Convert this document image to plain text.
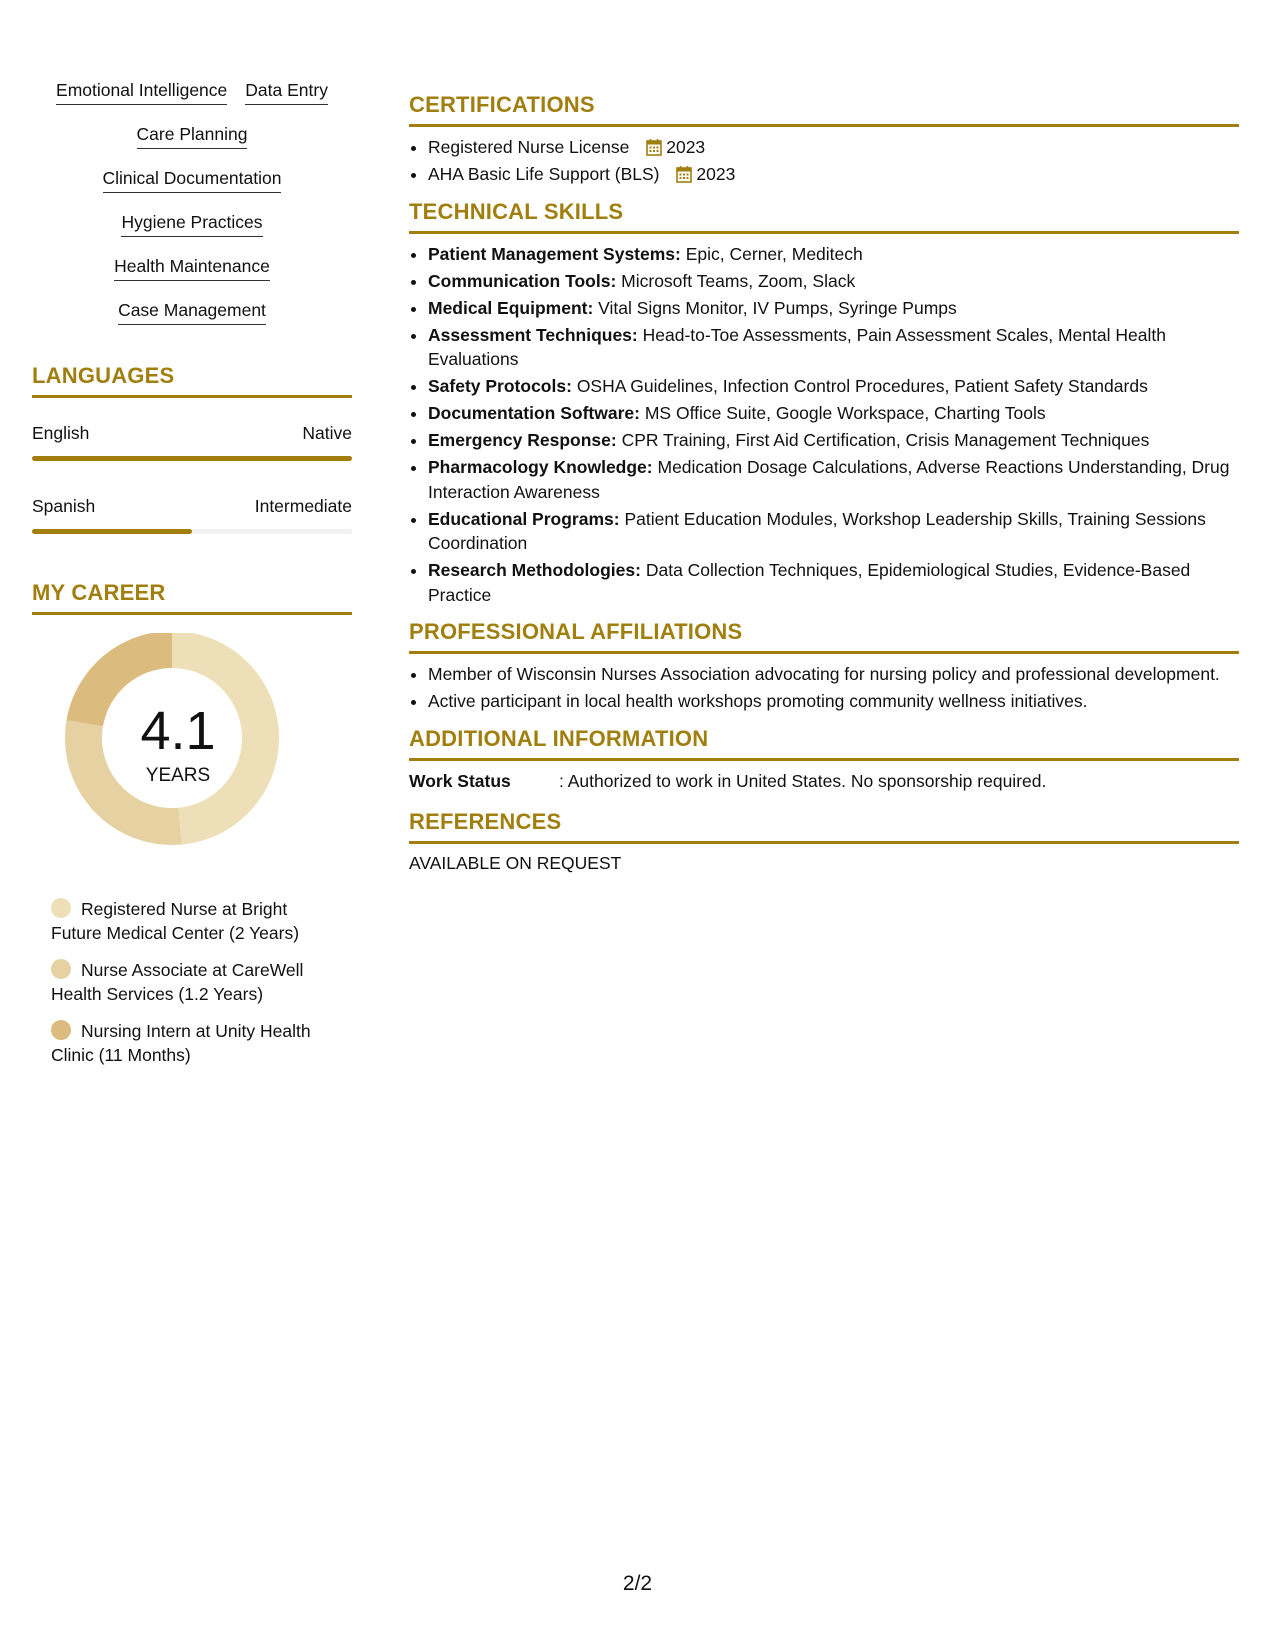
Emotional Intelligence Data Entry
Care Planning
Clinical Documentation
Hygiene Practices
Health Maintenance
Case Management
LANGUAGES
English	Native
Spanish	Intermediate
MY CAREER
4.1
YEARS
Registered Nurse at Bright Future Medical Center (2 Years)
Nurse Associate at CareWell Health Services (1.2 Years)
Nursing Intern at Unity Health Clinic (11 Months)
CERTIFICATIONS
• Registered Nurse License 2023
• AHA Basic Life Support (BLS) 2023
TECHNICAL SKILLS
• Patient Management Systems: Epic, Cerner, Meditech
• Communication Tools: Microsoft Teams, Zoom, Slack
• Medical Equipment: Vital Signs Monitor, IV Pumps, Syringe Pumps
• Assessment Techniques: Head-to-Toe Assessments, Pain Assessment Scales, Mental Health Evaluations
• Safety Protocols: OSHA Guidelines, Infection Control Procedures, Patient Safety Standards
• Documentation Software: MS Office Suite, Google Workspace, Charting Tools
• Emergency Response: CPR Training, First Aid Certification, Crisis Management Techniques
• Pharmacology Knowledge: Medication Dosage Calculations, Adverse Reactions Understanding, Drug Interaction Awareness
• Educational Programs: Patient Education Modules, Workshop Leadership Skills, Training Sessions Coordination
• Research Methodologies: Data Collection Techniques, Epidemiological Studies, Evidence-Based Practice
PROFESSIONAL AFFILIATIONS
• Member of Wisconsin Nurses Association advocating for nursing policy and professional development.
• Active participant in local health workshops promoting community wellness initiatives.
ADDITIONAL INFORMATION
Work Status	: Authorized to work in United States. No sponsorship required.
REFERENCES
AVAILABLE ON REQUEST
2/2
